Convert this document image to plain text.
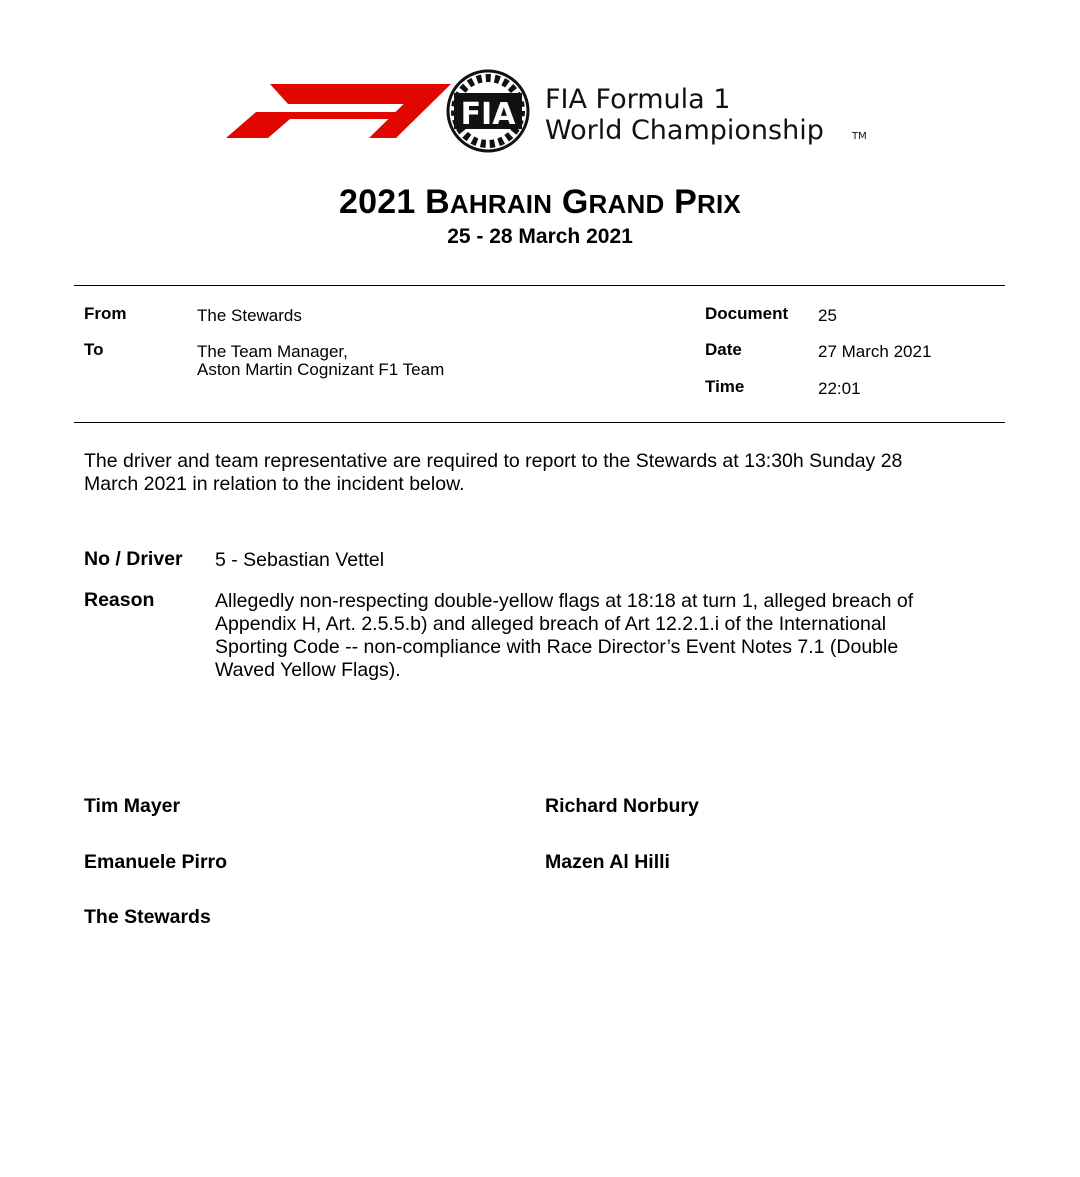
FIA FIA Formula 1
World Championship	TM
2021 BAHRAIN GRAND PRIX
25 - 28 March 2021
From	The Stewards
To	The Team Manager,
Aston Martin Cognizant F1 Team
Document 25
Date	27 March 2021
Time	22:01
The driver and team representative are required to report to the Stewards at 13:30h Sunday 28
March 2021 in relation to the incident below.
No / Driver 5 - Sebastian Vettel
Reason	Allegedly non-respecting double-yellow flags at 18:18 at turn 1, alleged breach of
Appendix H, Art. 2.5.5.b) and alleged breach of Art 12.2.1.i of the International
Sporting Code -- non-compliance with Race Director’s Event Notes 7.1 (Double
Waved Yellow Flags).
Tim Mayer	Richard Norbury
Emanuele Pirro	Mazen Al Hilli
The Stewards
